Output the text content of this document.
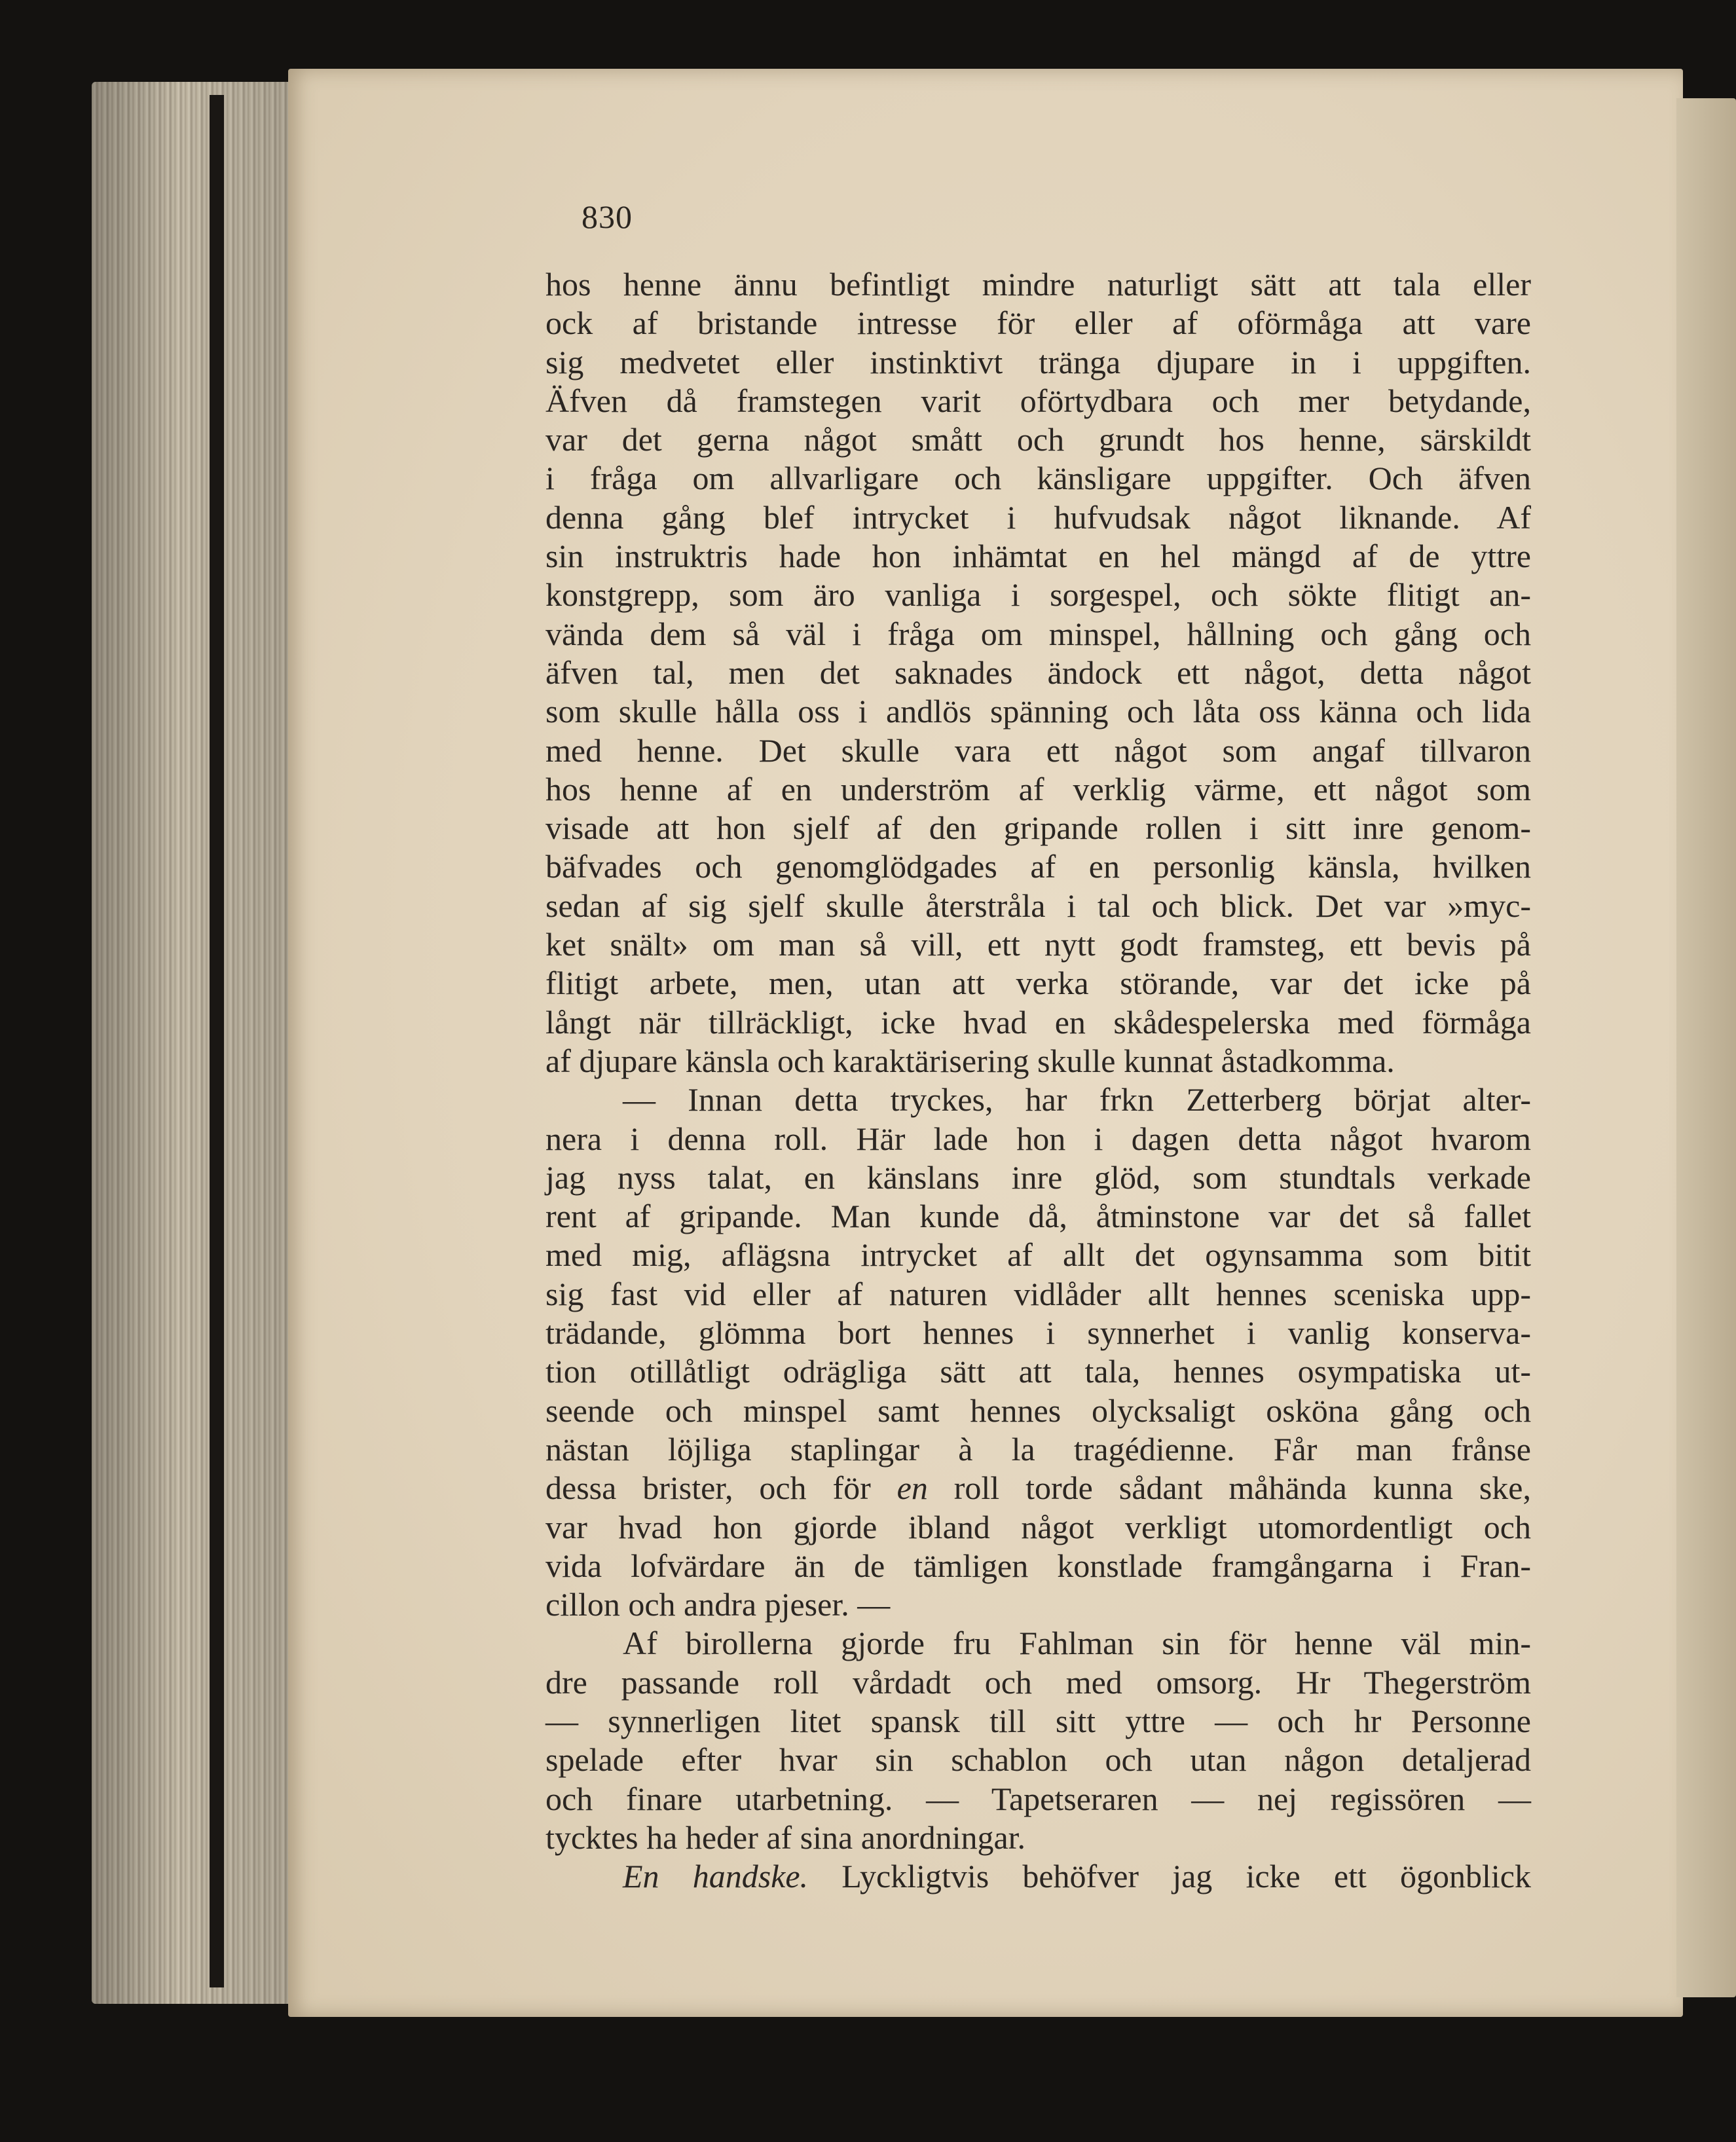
830
hos henne ännu befintligt mindre naturligt sätt att tala eller
ock af bristande intresse för eller af oförmåga att vare
sig medvetet eller instinktivt tränga djupare in i uppgiften.
Äfven då framstegen varit oförtydbara och mer betydande,
var det gerna något smått och grundt hos henne, särskildt
i fråga om allvarligare och känsligare uppgifter. Och äfven
denna gång blef intrycket i hufvudsak något liknande. Af
sin instruktris hade hon inhämtat en hel mängd af de yttre
konstgrepp, som äro vanliga i sorgespel, och sökte flitigt an-
vända dem så väl i fråga om minspel, hållning och gång och
äfven tal, men det saknades ändock ett något, detta något
som skulle hålla oss i andlös spänning och låta oss känna och lida
med henne. Det skulle vara ett något som angaf tillvaron
hos henne af en underström af verklig värme, ett något som
visade att hon sjelf af den gripande rollen i sitt inre genom-
bäfvades och genomglödgades af en personlig känsla, hvilken
sedan af sig sjelf skulle återstråla i tal och blick. Det var »myc-
ket snält» om man så vill, ett nytt godt framsteg, ett bevis på
flitigt arbete, men, utan att verka störande, var det icke på
långt när tillräckligt, icke hvad en skådespelerska med förmåga
af djupare känsla och karaktärisering skulle kunnat åstadkomma.
— Innan detta tryckes, har frkn Zetterberg börjat alter-
nera i denna roll. Här lade hon i dagen detta något hvarom
jag nyss talat, en känslans inre glöd, som stundtals verkade
rent af gripande. Man kunde då, åtminstone var det så fallet
med mig, aflägsna intrycket af allt det ogynsamma som bitit
sig fast vid eller af naturen vidlåder allt hennes sceniska upp-
trädande, glömma bort hennes i synnerhet i vanlig konserva-
tion otillåtligt odrägliga sätt att tala, hennes osympatiska ut-
seende och minspel samt hennes olycksaligt osköna gång och
nästan löjliga staplingar à la tragédienne. Får man frånse
dessa brister, och för en roll torde sådant måhända kunna ske,
var hvad hon gjorde ibland något verkligt utomordentligt och
vida lofvärdare än de tämligen konstlade framgångarna i Fran-
cillon och andra pjeser. —
Af birollerna gjorde fru Fahlman sin för henne väl min-
dre passande roll vårdadt och med omsorg. Hr Thegerström
— synnerligen litet spansk till sitt yttre — och hr Personne
spelade efter hvar sin schablon och utan någon detaljerad
och finare utarbetning. — Tapetseraren — nej regissören —
tycktes ha heder af sina anordningar.
En handske. Lyckligtvis behöfver jag icke ett ögonblick
